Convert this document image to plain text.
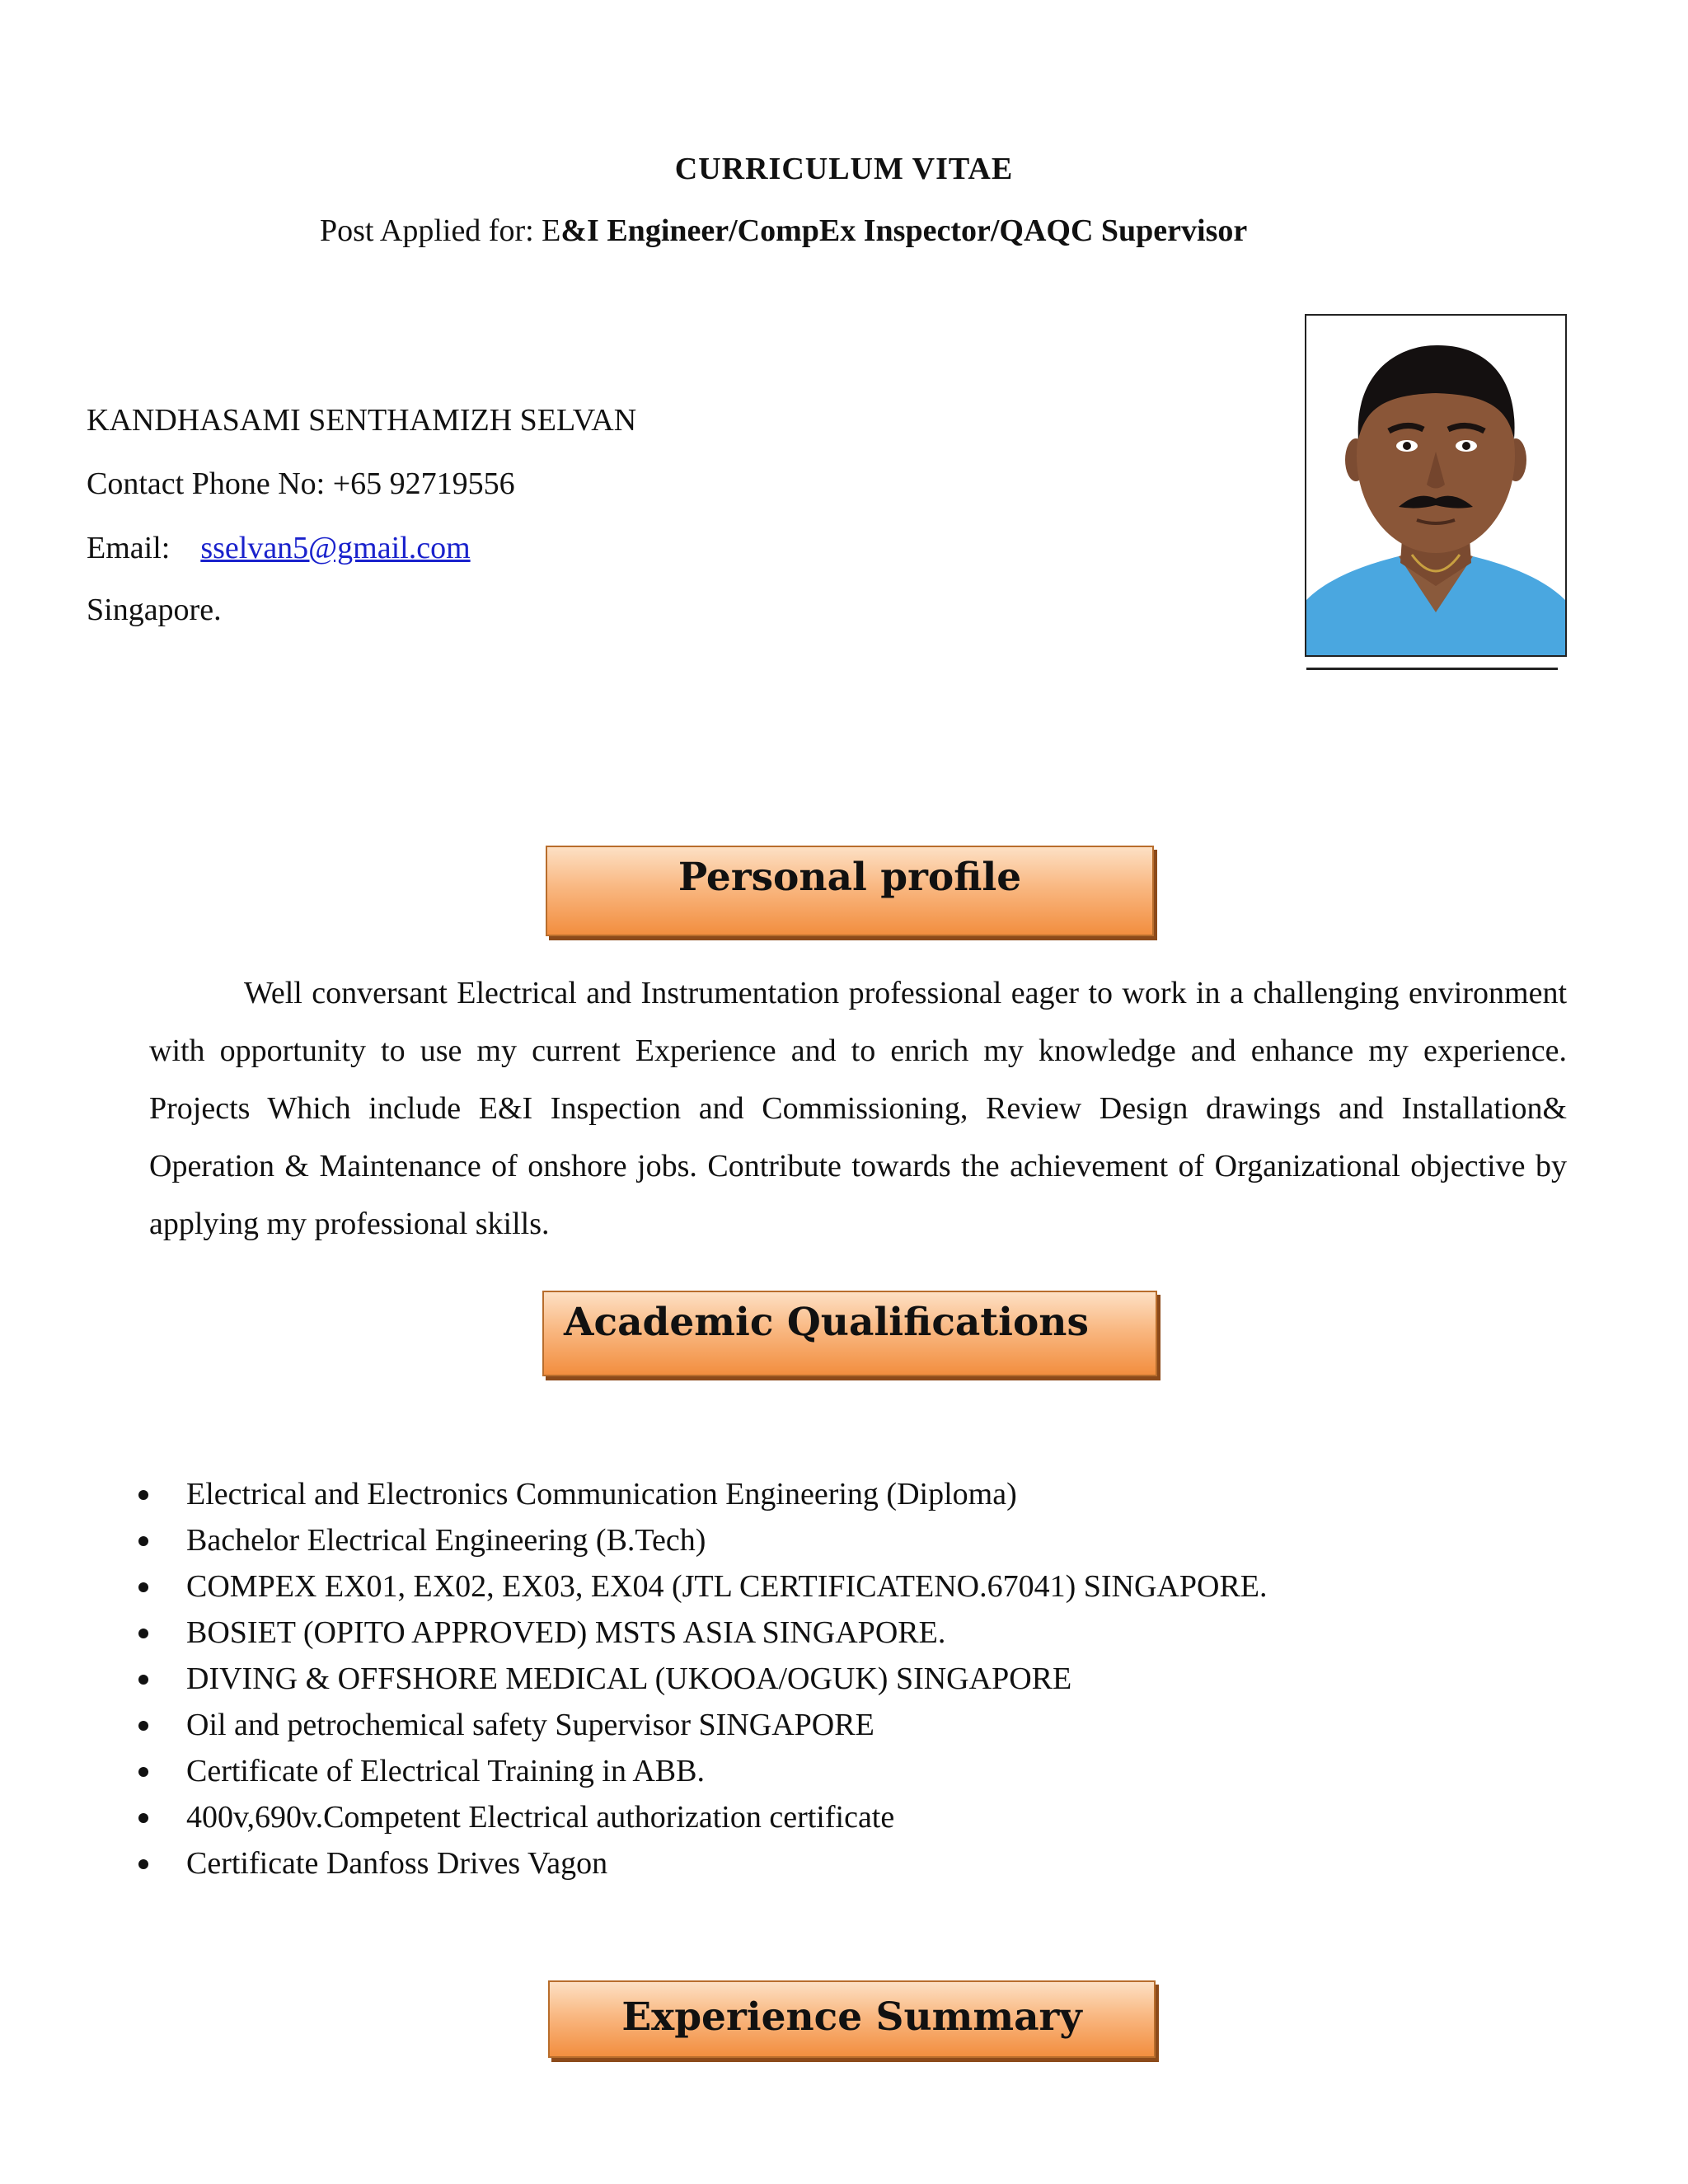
CURRICULUM VITAE
Post Applied for: E&I Engineer/CompEx Inspector/QAQC Supervisor
KANDHASAMI SENTHAMIZH SELVAN
Contact Phone No: +65 92719556
Email: sselvan5@gmail.com
Singapore.
Personal profile
Well conversant Electrical and Instrumentation professional eager to work in a challenging environment with opportunity to use my current Experience and to enrich my knowledge and enhance my experience. Projects Which include E&I Inspection and Commissioning, Review Design drawings and Installation& Operation & Maintenance of onshore jobs. Contribute towards the achievement of Organizational objective by applying my professional skills.
Academic Qualifications
Electrical and Electronics Communication Engineering (Diploma)
Bachelor Electrical Engineering (B.Tech)
COMPEX EX01, EX02, EX03, EX04 (JTL CERTIFICATENO.67041) SINGAPORE.
BOSIET (OPITO APPROVED) MSTS ASIA SINGAPORE.
DIVING & OFFSHORE MEDICAL (UKOOA/OGUK) SINGAPORE
Oil and petrochemical safety Supervisor SINGAPORE
Certificate of Electrical Training in ABB.
400v,690v.Competent Electrical authorization certificate
Certificate Danfoss Drives Vagon
Experience Summary
